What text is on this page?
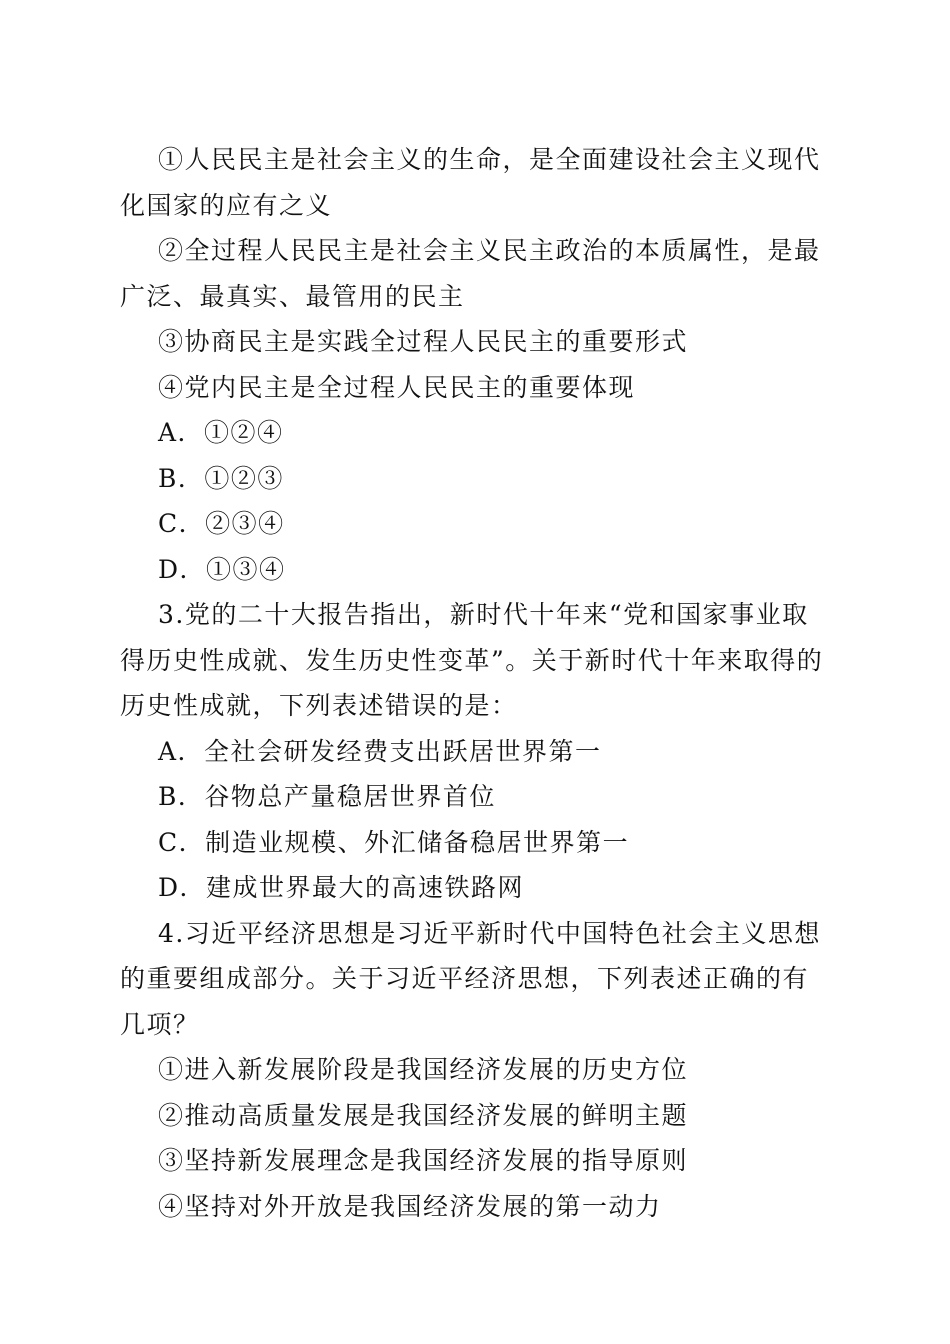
①人民民主是社会主义的生命，是全面建设社会主义现代化国家的应有之义

②全过程人民民主是社会主义民主政治的本质属性，是最广泛、最真实、最管用的民主

③协商民主是实践全过程人民民主的重要形式

④党内民主是全过程人民民主的重要体现

A．①②④

B．①②③

C．②③④

D．①③④

3.党的二十大报告指出，新时代十年来“党和国家事业取得历史性成就、发生历史性变革”。关于新时代十年来取得的历史性成就，下列表述错误的是：

A．全社会研发经费支出跃居世界第一

B．谷物总产量稳居世界首位

C．制造业规模、外汇储备稳居世界第一

D．建成世界最大的高速铁路网

4.习近平经济思想是习近平新时代中国特色社会主义思想的重要组成部分。关于习近平经济思想，下列表述正确的有几项？

①进入新发展阶段是我国经济发展的历史方位

②推动高质量发展是我国经济发展的鲜明主题

③坚持新发展理念是我国经济发展的指导原则

④坚持对外开放是我国经济发展的第一动力
